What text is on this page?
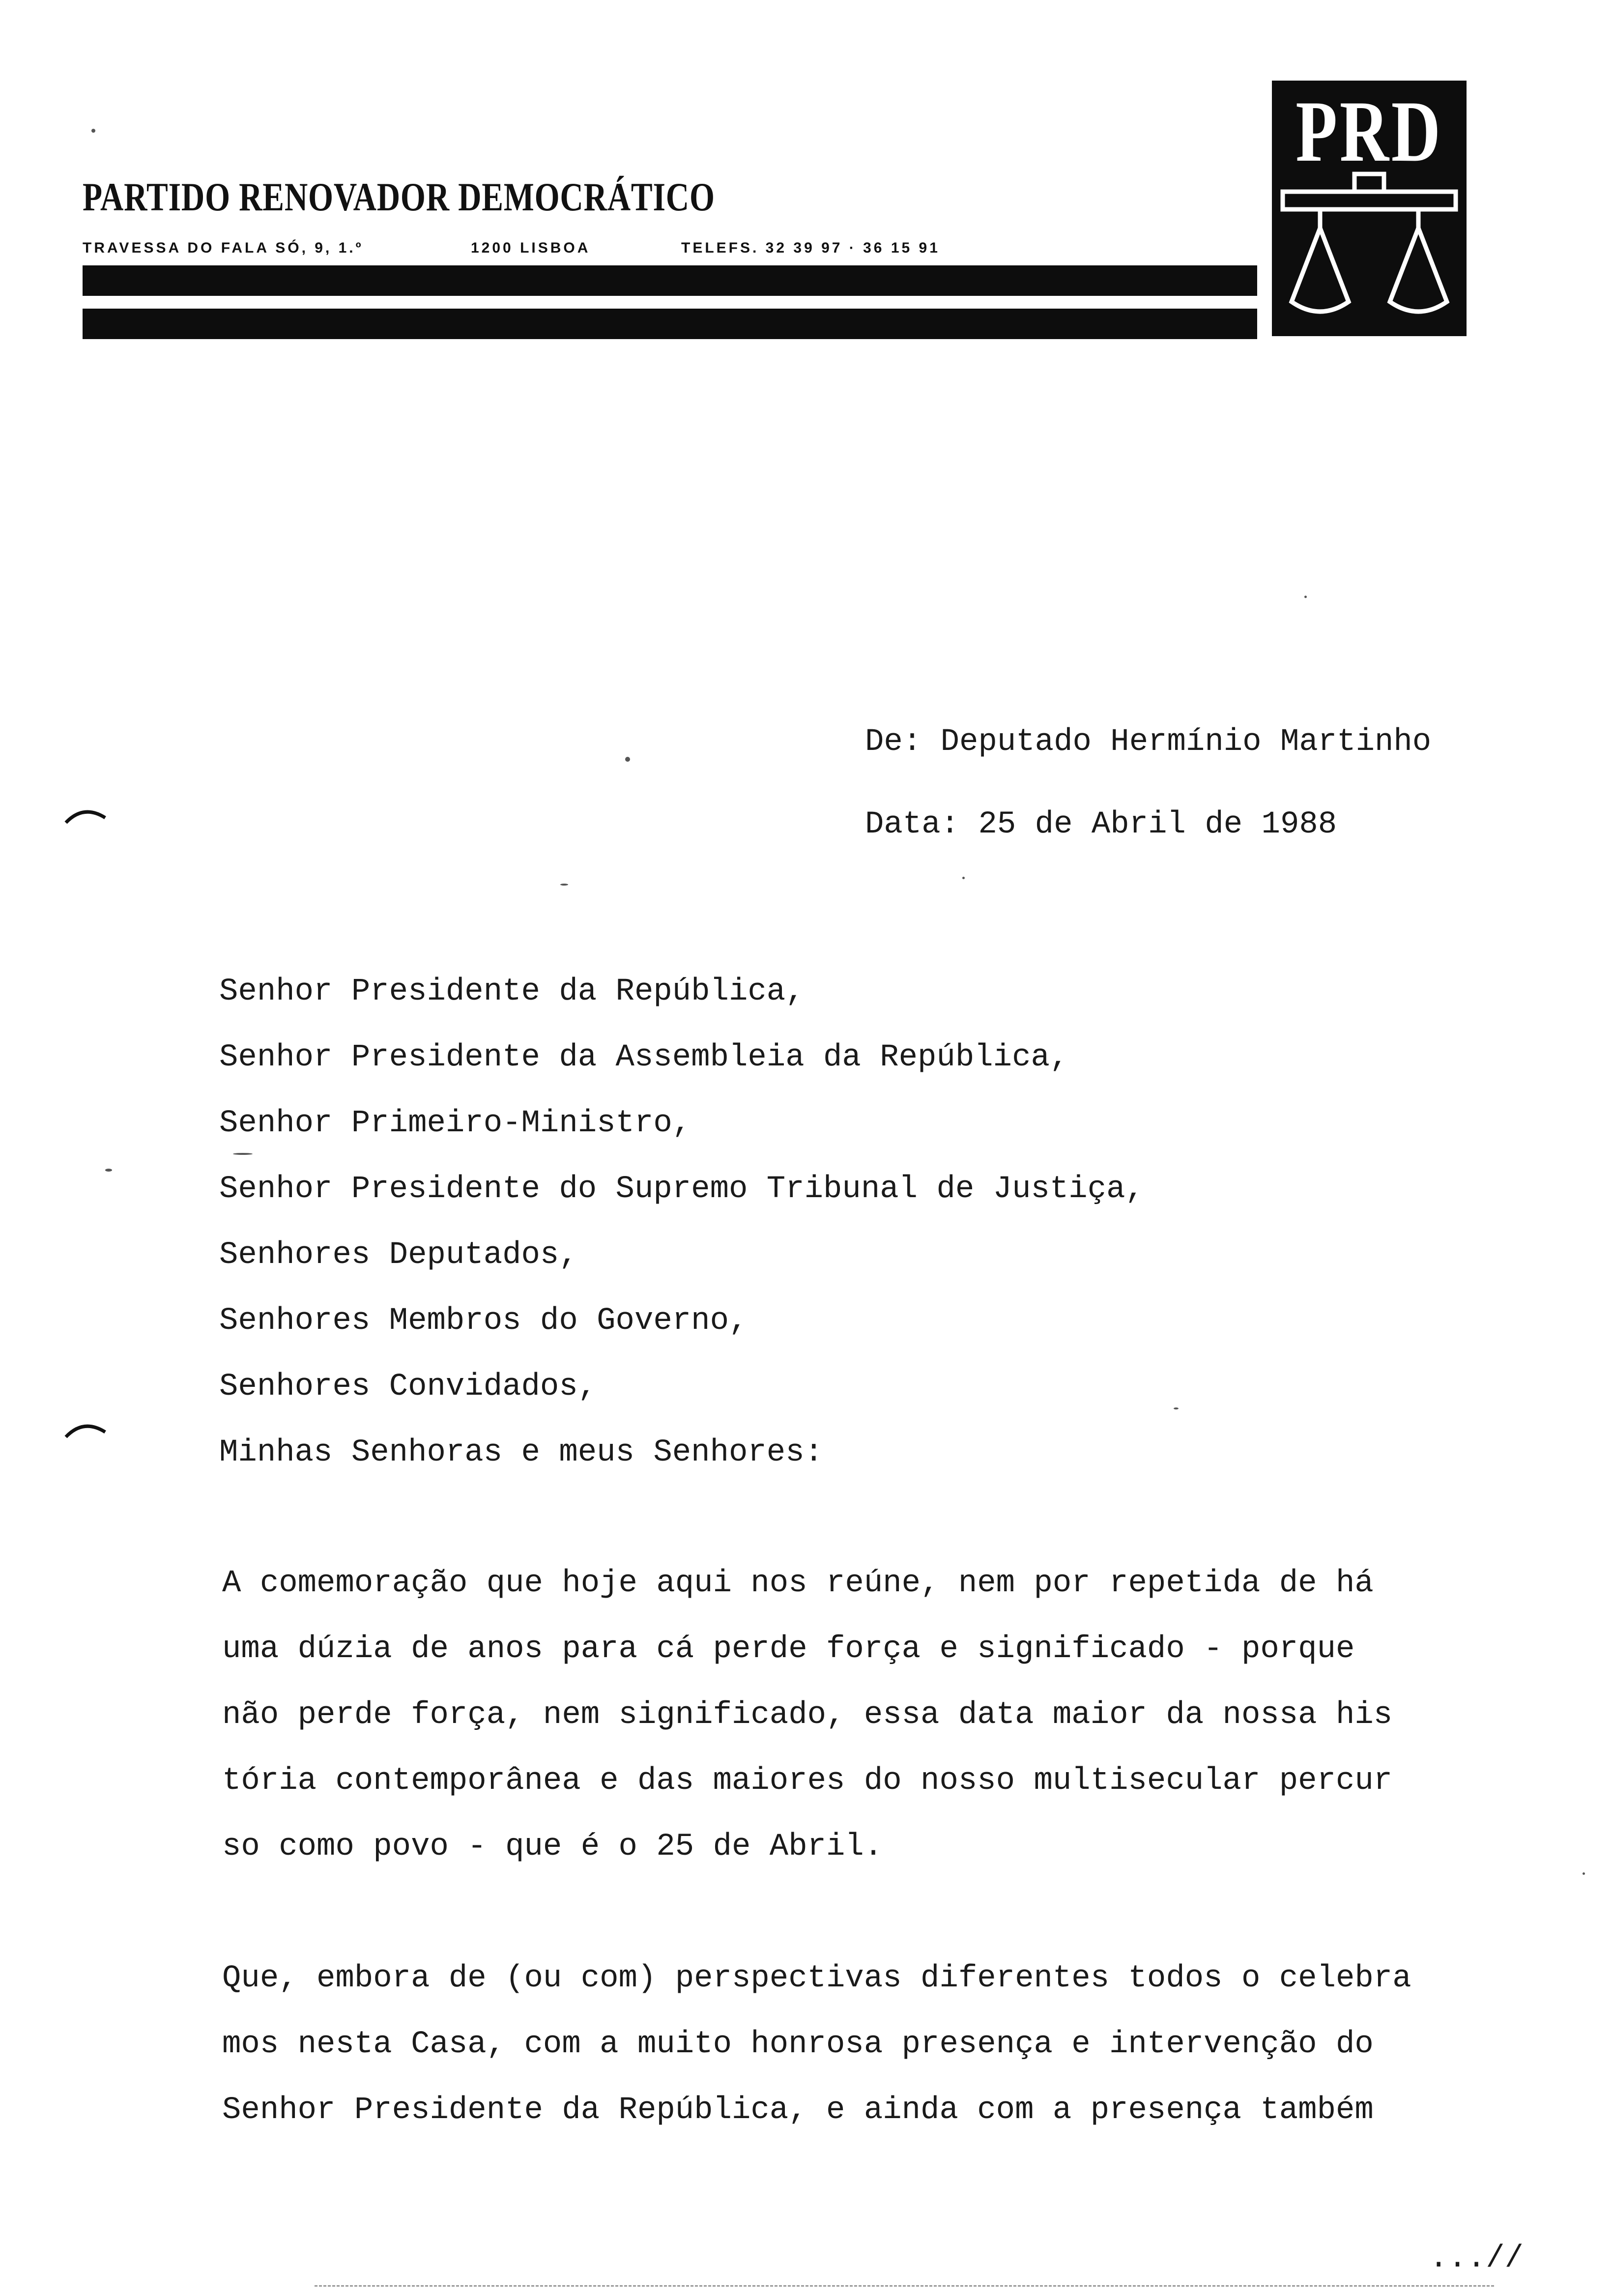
PARTIDO RENOVADOR DEMOCRÁTICO
TRAVESSA DO FALA SÓ, 9, 1.º	1200 LISBOA	TELEFS. 32 39 97 · 36 15 91
PRD
De: Deputado Hermínio Martinho
Data: 25 de Abril de 1988
Senhor Presidente da República,
Senhor Presidente da Assembleia da República,
Senhor Primeiro-Ministro,
Senhor Presidente do Supremo Tribunal de Justiça,
Senhores Deputados,
Senhores Membros do Governo,
Senhores Convidados,
Minhas Senhoras e meus Senhores:
A comemoração que hoje aqui nos reúne, nem por repetida de há
uma dúzia de anos para cá perde força e significado - porque
não perde força, nem significado, essa data maior da nossa his
tória contemporânea e das maiores do nosso multisecular percur
so como povo - que é o 25 de Abril.
Que, embora de (ou com) perspectivas diferentes todos o celebra
mos nesta Casa, com a muito honrosa presença e intervenção do
Senhor Presidente da República, e ainda com a presença também
...//
